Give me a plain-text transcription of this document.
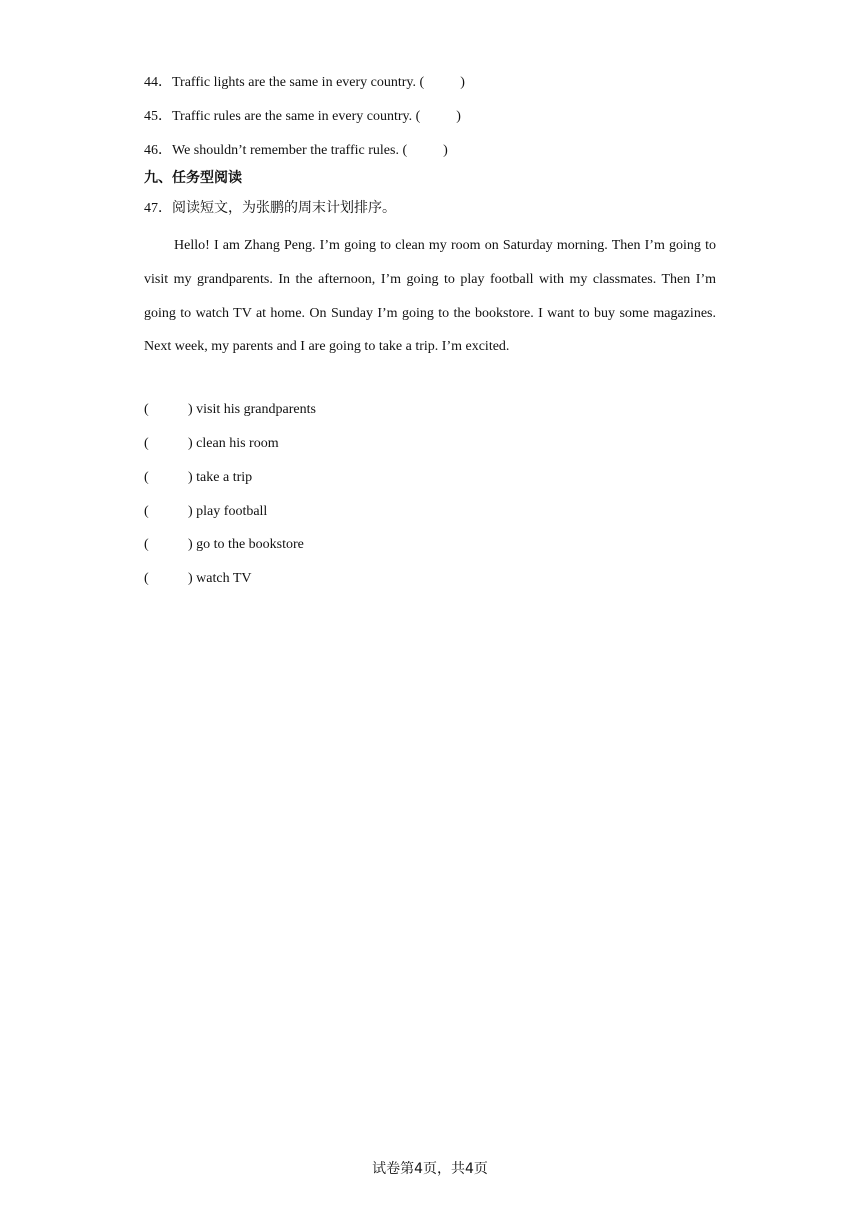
44．Traffic lights are the same in every country. (	)
45．Traffic rules are the same in every country. (	)
46．We shouldn’t remember the traffic rules. (	)
九、任务型阅读
47．阅读短文，为张鹏的周末计划排序。
Hello! I am Zhang Peng. I’m going to clean my room on Saturday morning. Then I’m going to visit my grandparents. In the afternoon, I’m going to play football with my classmates. Then I’m going to watch TV at home. On Sunday I’m going to the bookstore. I want to buy some magazines. Next week, my parents and I are going to take a trip. I’m excited.
(	) visit his grandparents
(	) clean his room
(	) take a trip
(	) play football
(	) go to the bookstore
(	) watch TV
试卷第4页，共4页
